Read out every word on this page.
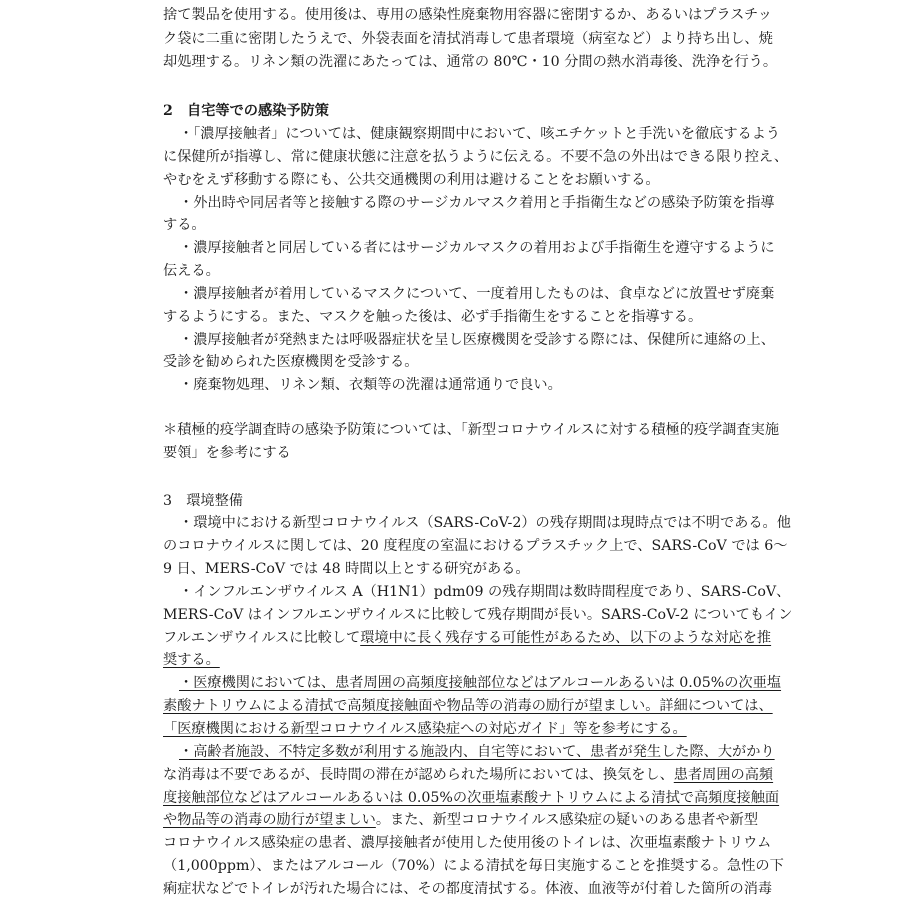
捨て製品を使用する。使用後は、専用の感染性廃棄物用容器に密閉するか、あるいはプラスチッ
ク袋に二重に密閉したうえで、外袋表面を清拭消毒して患者環境（病室など）より持ち出し、焼
却処理する。リネン類の洗濯にあたっては、通常の 80℃・10 分間の熱水消毒後、洗浄を行う。
2　自宅等での感染予防策
・「濃厚接触者」については、健康観察期間中において、咳エチケットと手洗いを徹底するよう
に保健所が指導し、常に健康状態に注意を払うように伝える。不要不急の外出はできる限り控え、
やむをえず移動する際にも、公共交通機関の利用は避けることをお願いする。
・外出時や同居者等と接触する際のサージカルマスク着用と手指衛生などの感染予防策を指導
する。
・濃厚接触者と同居している者にはサージカルマスクの着用および手指衛生を遵守するように
伝える。
・濃厚接触者が着用しているマスクについて、一度着用したものは、食卓などに放置せず廃棄
するようにする。また、マスクを触った後は、必ず手指衛生をすることを指導する。
・濃厚接触者が発熱または呼吸器症状を呈し医療機関を受診する際には、保健所に連絡の上、
受診を勧められた医療機関を受診する。
・廃棄物処理、リネン類、衣類等の洗濯は通常通りで良い。
＊積極的疫学調査時の感染予防策については、「新型コロナウイルスに対する積極的疫学調査実施
要領」を参考にする
3　環境整備
・環境中における新型コロナウイルス（SARS-CoV-2）の残存期間は現時点では不明である。他
のコロナウイルスに関しては、20 度程度の室温におけるプラスチック上で、SARS-CoV では 6～
9 日、MERS-CoV では 48 時間以上とする研究がある。
・インフルエンザウイルス A（H1N1）pdm09 の残存期間は数時間程度であり、SARS-CoV、
MERS-CoV はインフルエンザウイルスに比較して残存期間が長い。SARS-CoV-2 についてもイン
フルエンザウイルスに比較して環境中に長く残存する可能性があるため、以下のような対応を推
奨する。
・医療機関においては、患者周囲の高頻度接触部位などはアルコールあるいは 0.05%の次亜塩
素酸ナトリウムによる清拭で高頻度接触面や物品等の消毒の励行が望ましい。詳細については、
「医療機関における新型コロナウイルス感染症への対応ガイド」等を参考にする。
・高齢者施設、不特定多数が利用する施設内、自宅等において、患者が発生した際、大がかり
な消毒は不要であるが、長時間の滞在が認められた場所においては、換気をし、患者周囲の高頻
度接触部位などはアルコールあるいは 0.05%の次亜塩素酸ナトリウムによる清拭で高頻度接触面
や物品等の消毒の励行が望ましい。また、新型コロナウイルス感染症の疑いのある患者や新型
コロナウイルス感染症の患者、濃厚接触者が使用した使用後のトイレは、次亜塩素酸ナトリウム
（1,000ppm）、またはアルコール（70%）による清拭を毎日実施することを推奨する。急性の下
痢症状などでトイレが汚れた場合には、その都度清拭する。体液、血液等が付着した箇所の消毒
